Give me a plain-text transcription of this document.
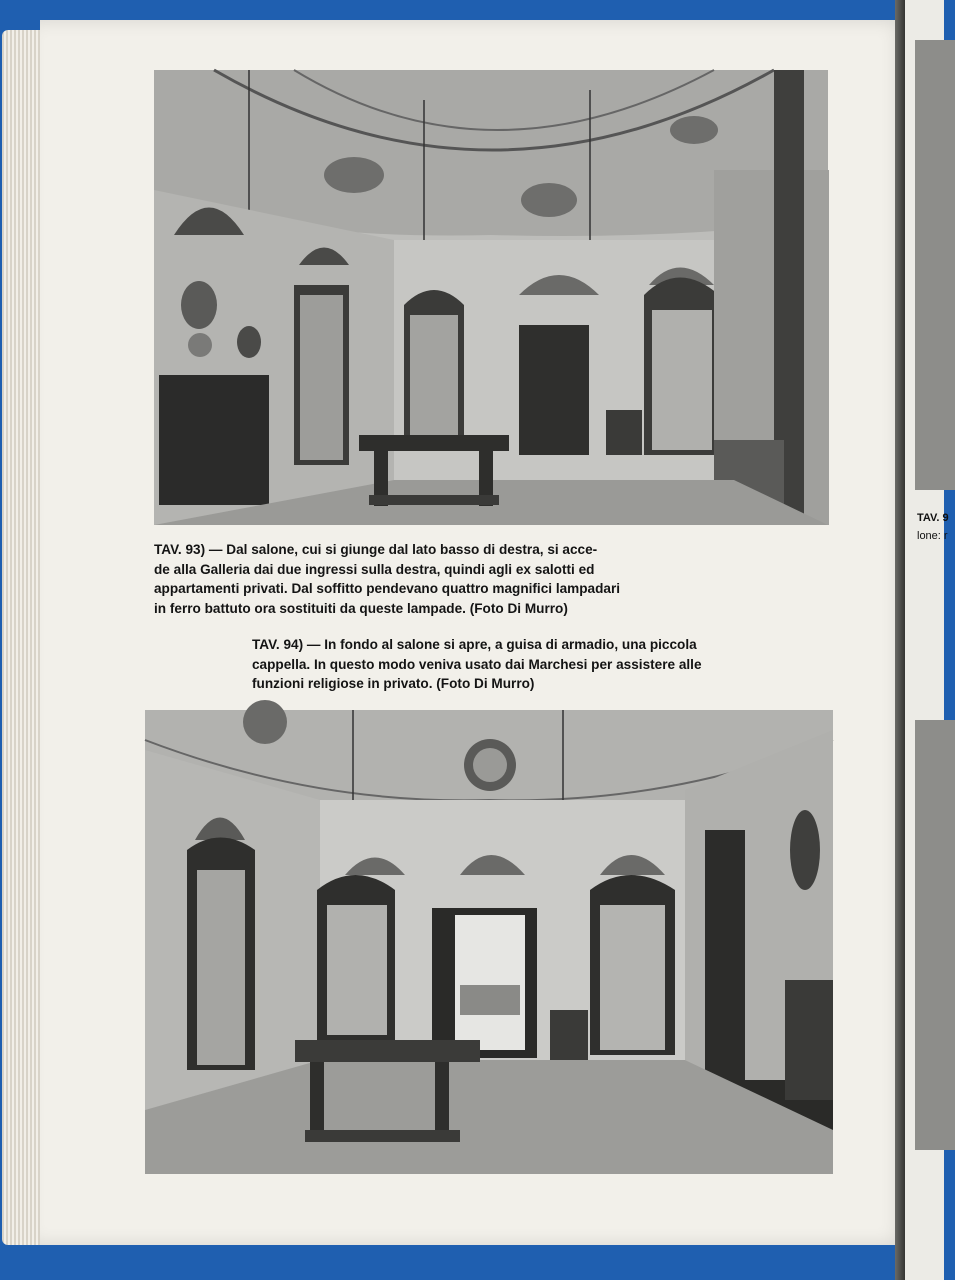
TAV. 9
lone: r
TAV. 93) — Dal salone, cui si giunge dal lato basso di destra, si acce-
de alla Galleria dai due ingressi sulla destra, quindi agli ex salotti ed
appartamenti privati. Dal soffitto pendevano quattro magnifici lampadari
in ferro battuto ora sostituiti da queste lampade. (Foto Di Murro)
TAV. 94) — In fondo al salone si apre, a guisa di armadio, una piccola
cappella. In questo modo veniva usato dai Marchesi per assistere alle
funzioni religiose in privato. (Foto Di Murro)
